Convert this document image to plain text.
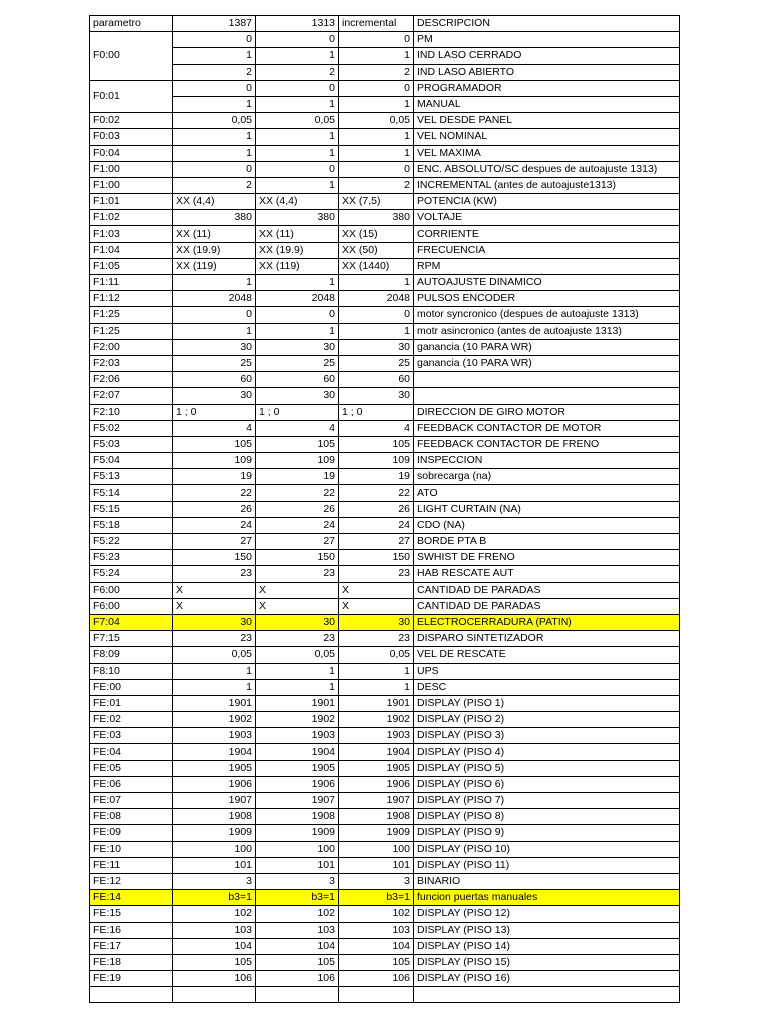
parametro	1387	1313	incremental	DESCRIPCION
F0:00	0	0	0	PM
	1	1	1	IND LASO CERRADO
	2	2	2	IND LASO ABIERTO
F0:01	0	0	0	PROGRAMADOR
	1	1	1	MANUAL
F0:02	0,05	0,05	0,05	VEL DESDE PANEL
F0:03	1	1	1	VEL NOMINAL
F0:04	1	1	1	VEL MAXIMA
F1:00	0	0	0	ENC. ABSOLUTO/SC despues de autoajuste 1313)
F1:00	2	1	2	INCREMENTAL (antes de autoajuste1313)
F1:01	XX (4,4)	XX (4,4)	XX (7,5)	POTENCIA (KW)
F1:02	380	380	380	VOLTAJE
F1:03	XX (11)	XX (11)	XX (15)	CORRIENTE
F1:04	XX (19.9)	XX (19.9)	XX (50)	FRECUENCIA
F1:05	XX (119)	XX (119)	XX (1440)	RPM
F1:11	1	1	1	AUTOAJUSTE DINAMICO
F1:12	2048	2048	2048	PULSOS ENCODER
F1:25	0	0	0	motor syncronico (despues de autoajuste 1313)
F1:25	1	1	1	motr asincronico (antes de autoajuste 1313)
F2:00	30	30	30	ganancia (10 PARA WR)
F2:03	25	25	25	ganancia (10 PARA WR)
F2:06	60	60	60	
F2:07	30	30	30	
F2:10	1 ; 0	1 ; 0	1 ; 0	DIRECCION DE GIRO MOTOR
F5:02	4	4	4	FEEDBACK CONTACTOR DE MOTOR
F5:03	105	105	105	FEEDBACK CONTACTOR DE FRENO
F5:04	109	109	109	INSPECCION
F5:13	19	19	19	sobrecarga (na)
F5:14	22	22	22	ATO
F5:15	26	26	26	LIGHT CURTAIN (NA)
F5:18	24	24	24	CDO (NA)
F5:22	27	27	27	BORDE PTA B
F5:23	150	150	150	SWHIST DE FRENO
F5:24	23	23	23	HAB RESCATE AUT
F6:00	X	X	X	CANTIDAD DE PARADAS
F6:00	X	X	X	CANTIDAD DE PARADAS
F7:04	30	30	30	ELECTROCERRADURA (PATIN)
F7:15	23	23	23	DISPARO SINTETIZADOR
F8:09	0,05	0,05	0,05	VEL DE RESCATE
F8:10	1	1	1	UPS
FE:00	1	1	1	DESC
FE:01	1901	1901	1901	DISPLAY (PISO 1)
FE:02	1902	1902	1902	DISPLAY (PISO 2)
FE:03	1903	1903	1903	DISPLAY (PISO 3)
FE:04	1904	1904	1904	DISPLAY (PISO 4)
FE:05	1905	1905	1905	DISPLAY (PISO 5)
FE:06	1906	1906	1906	DISPLAY (PISO 6)
FE:07	1907	1907	1907	DISPLAY (PISO 7)
FE:08	1908	1908	1908	DISPLAY (PISO 8)
FE:09	1909	1909	1909	DISPLAY (PISO 9)
FE:10	100	100	100	DISPLAY (PISO 10)
FE:11	101	101	101	DISPLAY (PISO 11)
FE:12	3	3	3	BINARIO
FE:14	b3=1	b3=1	b3=1	funcion puertas manuales
FE:15	102	102	102	DISPLAY (PISO 12)
FE:16	103	103	103	DISPLAY (PISO 13)
FE:17	104	104	104	DISPLAY (PISO 14)
FE:18	105	105	105	DISPLAY (PISO 15)
FE:19	106	106	106	DISPLAY (PISO 16)
